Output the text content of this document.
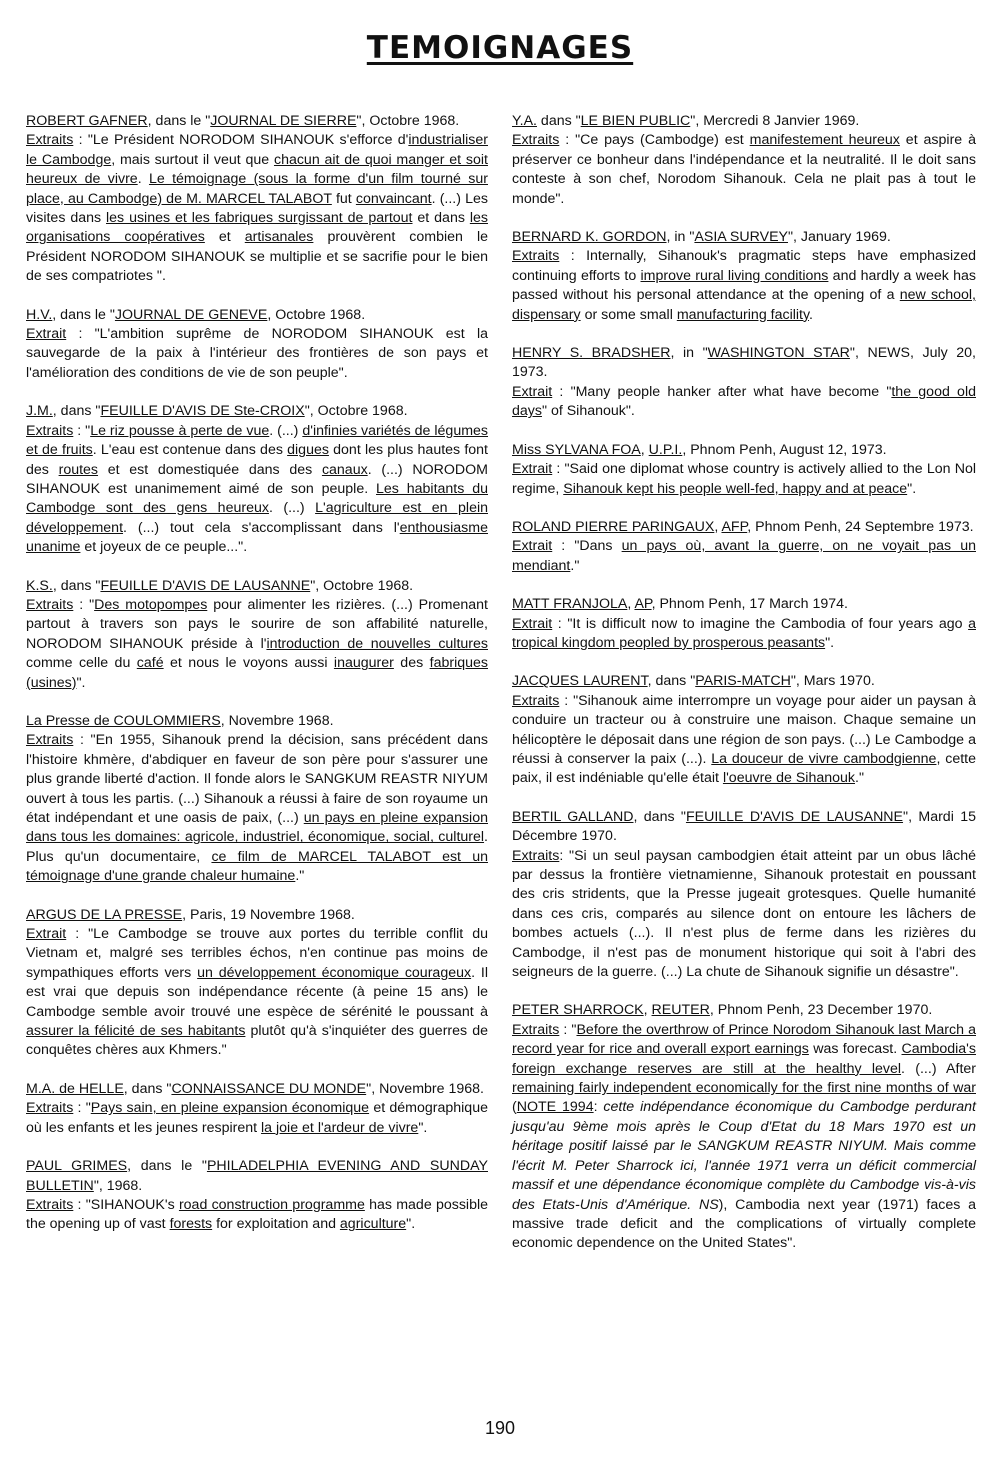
TEMOIGNAGES

ROBERT GAFNER, dans le "JOURNAL DE SIERRE", Octobre 1968.
Extraits : "Le Président NORODOM SIHANOUK s'efforce d'industrialiser le Cambodge, mais surtout il veut que chacun ait de quoi manger et soit heureux de vivre. Le témoignage (sous la forme d'un film tourné sur place, au Cambodge) de M. MARCEL TALABOT fut convaincant. (...) Les visites dans les usines et les fabriques surgissant de partout et dans les organisations coopératives et artisanales prouvèrent combien le Président NORODOM SIHANOUK se multiplie et se sacrifie pour le bien de ses compatriotes ".

H.V., dans le "JOURNAL DE GENEVE, Octobre 1968.
Extrait : "L'ambition suprême de NORODOM SIHANOUK est la sauvegarde de la paix à l'intérieur des frontières de son pays et l'amélioration des conditions de vie de son peuple".

J.M., dans "FEUILLE D'AVIS DE Ste-CROIX", Octobre 1968.
Extraits : "Le riz pousse à perte de vue. (...) d'infinies variétés de légumes et de fruits. L'eau est contenue dans des digues dont les plus hautes font des routes et est domestiquée dans des canaux. (...) NORODOM SIHANOUK est unanimement aimé de son peuple. Les habitants du Cambodge sont des gens heureux. (...) L'agriculture est en plein développement. (...) tout cela s'accomplissant dans l'enthousiasme unanime et joyeux de ce peuple...".

K.S., dans "FEUILLE D'AVIS DE LAUSANNE", Octobre 1968.
Extraits : "Des motopompes pour alimenter les rizières. (...) Promenant partout à travers son pays le sourire de son affabilité naturelle, NORODOM SIHANOUK préside à l'introduction de nouvelles cultures comme celle du café et nous le voyons aussi inaugurer des fabriques (usines)".

La Presse de COULOMMIERS, Novembre 1968.
Extraits : "En 1955, Sihanouk prend la décision, sans précédent dans l'histoire khmère, d'abdiquer en faveur de son père pour s'assurer une plus grande liberté d'action. Il fonde alors le SANGKUM REASTR NIYUM ouvert à tous les partis. (...) Sihanouk a réussi à faire de son royaume un état indépendant et une oasis de paix, (...) un pays en pleine expansion dans tous les domaines: agricole, industriel, économique, social, culturel. Plus qu'un documentaire, ce film de MARCEL TALABOT est un témoignage d'une grande chaleur humaine."

ARGUS DE LA PRESSE, Paris, 19 Novembre 1968.
Extrait : "Le Cambodge se trouve aux portes du terrible conflit du Vietnam et, malgré ses terribles échos, n'en continue pas moins de sympathiques efforts vers un développement économique courageux. Il est vrai que depuis son indépendance récente (à peine 15 ans) le Cambodge semble avoir trouvé une espèce de sérénité le poussant à assurer la félicité de ses habitants plutôt qu'à s'inquiéter des guerres de conquêtes chères aux Khmers."

M.A. de HELLE, dans "CONNAISSANCE DU MONDE", Novembre 1968.
Extraits : "Pays sain, en pleine expansion économique et démographique où les enfants et les jeunes respirent la joie et l'ardeur de vivre".

PAUL GRIMES, dans le "PHILADELPHIA EVENING AND SUNDAY BULLETIN", 1968.
Extraits : "SIHANOUK's road construction programme has made possible the opening up of vast forests for exploitation and agriculture".

Y.A. dans "LE BIEN PUBLIC", Mercredi 8 Janvier 1969.
Extraits : "Ce pays (Cambodge) est manifestement heureux et aspire à préserver ce bonheur dans l'indépendance et la neutralité. Il le doit sans conteste à son chef, Norodom Sihanouk. Cela ne plait pas à tout le monde".

BERNARD K. GORDON, in "ASIA SURVEY", January 1969.
Extraits : Internally, Sihanouk's pragmatic steps have emphasized continuing efforts to improve rural living conditions and hardly a week has passed without his personal attendance at the opening of a new school, dispensary or some small manufacturing facility.

HENRY S. BRADSHER, in "WASHINGTON STAR", NEWS, July 20, 1973.
Extrait : "Many people hanker after what have become "the good old days" of Sihanouk".

Miss SYLVANA FOA, U.P.I., Phnom Penh, August 12, 1973.
Extrait : "Said one diplomat whose country is actively allied to the Lon Nol regime, Sihanouk kept his people well-fed, happy and at peace".

ROLAND PIERRE PARINGAUX, AFP, Phnom Penh, 24 Septembre 1973.
Extrait : "Dans un pays où, avant la guerre, on ne voyait pas un mendiant."

MATT FRANJOLA, AP, Phnom Penh, 17 March 1974.
Extrait : "It is difficult now to imagine the Cambodia of four years ago a tropical kingdom peopled by prosperous peasants".

JACQUES LAURENT, dans "PARIS-MATCH", Mars 1970.
Extraits : "Sihanouk aime interrompre un voyage pour aider un paysan à conduire un tracteur ou à construire une maison. Chaque semaine un hélicoptère le déposait dans une région de son pays. (...) Le Cambodge a réussi à conserver la paix (...). La douceur de vivre cambodgienne, cette paix, il est indéniable qu'elle était l'oeuvre de Sihanouk."

BERTIL GALLAND, dans "FEUILLE D'AVIS DE LAUSANNE", Mardi 15 Décembre 1970.
Extraits: "Si un seul paysan cambodgien était atteint par un obus lâché par dessus la frontière vietnamienne, Sihanouk protestait en poussant des cris stridents, que la Presse jugeait grotesques. Quelle humanité dans ces cris, comparés au silence dont on entoure les lâchers de bombes actuels (...). Il n'est plus de ferme dans les rizières du Cambodge, il n'est pas de monument historique qui soit à l'abri des seigneurs de la guerre. (...) La chute de Sihanouk signifie un désastre".

PETER SHARROCK, REUTER, Phnom Penh, 23 December 1970.
Extraits : "Before the overthrow of Prince Norodom Sihanouk last March a record year for rice and overall export earnings was forecast. Cambodia's foreign exchange reserves are still at the healthy level. (...) After remaining fairly independent economically for the first nine months of war (NOTE 1994: cette indépendance économique du Cambodge perdurant jusqu'au 9ème mois après le Coup d'Etat du 18 Mars 1970 est un héritage positif laissé par le SANGKUM REASTR NIYUM. Mais comme l'écrit M. Peter Sharrock ici, l'année 1971 verra un déficit commercial massif et une dépendance économique complète du Cambodge vis-à-vis des Etats-Unis d'Amérique. NS), Cambodia next year (1971) faces a massive trade deficit and the complications of virtually complete economic dependence on the United States".

190
